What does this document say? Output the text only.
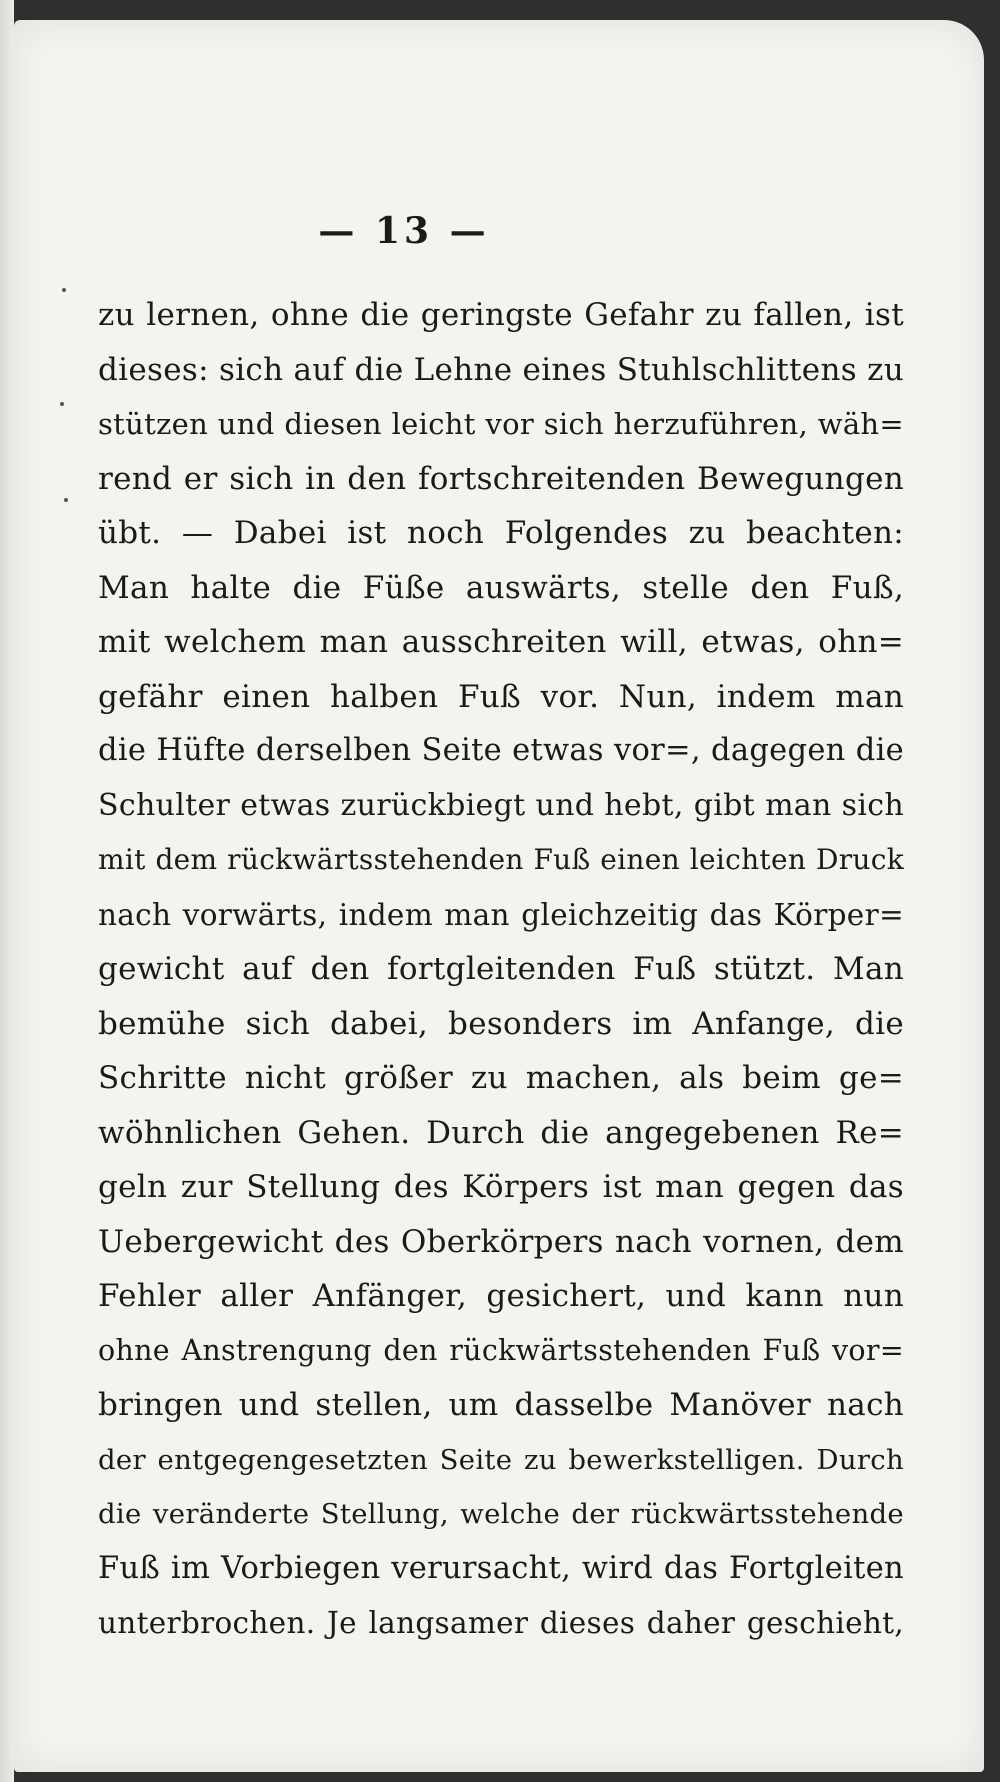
— 13 —
zu lernen, ohne die geringste Gefahr zu fallen, ist
dieses: sich auf die Lehne eines Stuhlschlittens zu
stützen und diesen leicht vor sich herzuführen, wäh=
rend er sich in den fortschreitenden Bewegungen
übt. — Dabei ist noch Folgendes zu beachten:
Man halte die Füße auswärts, stelle den Fuß,
mit welchem man ausschreiten will, etwas, ohn=
gefähr einen halben Fuß vor. Nun, indem man
die Hüfte derselben Seite etwas vor=, dagegen die
Schulter etwas zurückbiegt und hebt, gibt man sich
mit dem rückwärtsstehenden Fuß einen leichten Druck
nach vorwärts, indem man gleichzeitig das Körper=
gewicht auf den fortgleitenden Fuß stützt. Man
bemühe sich dabei, besonders im Anfange, die
Schritte nicht größer zu machen, als beim ge=
wöhnlichen Gehen. Durch die angegebenen Re=
geln zur Stellung des Körpers ist man gegen das
Uebergewicht des Oberkörpers nach vornen, dem
Fehler aller Anfänger, gesichert, und kann nun
ohne Anstrengung den rückwärtsstehenden Fuß vor=
bringen und stellen, um dasselbe Manöver nach
der entgegengesetzten Seite zu bewerkstelligen. Durch
die veränderte Stellung, welche der rückwärtsstehende
Fuß im Vorbiegen verursacht, wird das Fortgleiten
unterbrochen. Je langsamer dieses daher geschieht,
